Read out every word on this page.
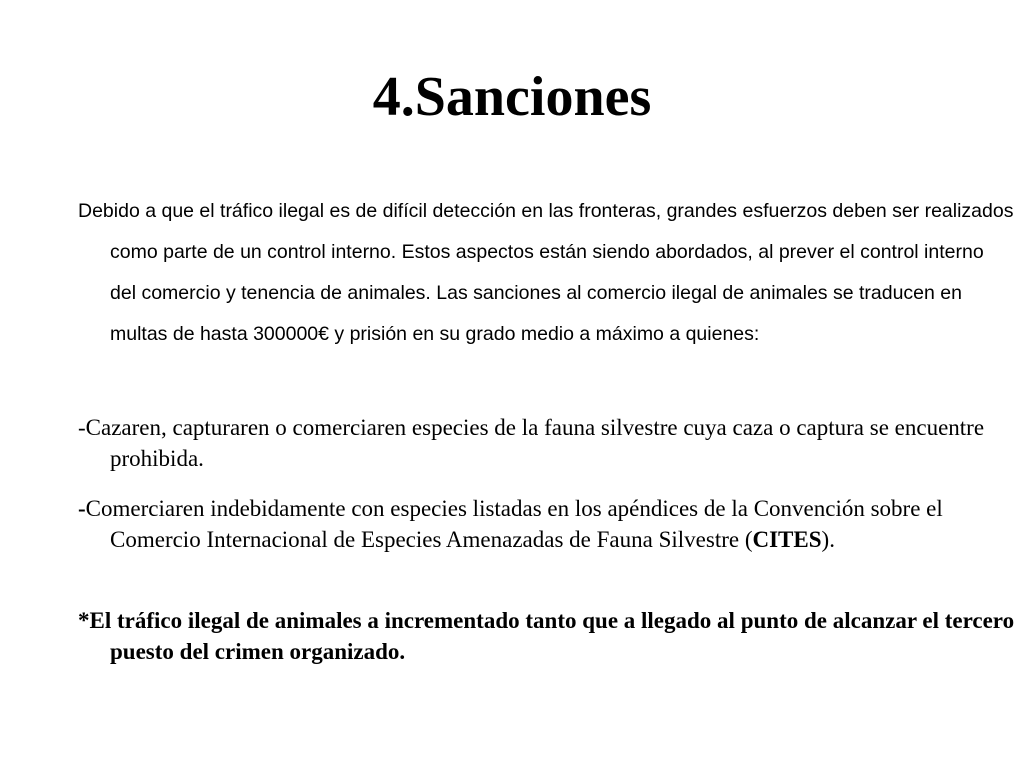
4.Sanciones

Debido a que el tráfico ilegal es de difícil detección en las fronteras, grandes esfuerzos deben ser realizados como parte de un control interno. Estos aspectos están siendo abordados, al prever el control interno del comercio y tenencia de animales. Las sanciones al comercio ilegal de animales se traducen en multas de hasta 300000€ y prisión en su grado medio a máximo a quienes:

-Cazaren, capturaren o comerciaren especies de la fauna silvestre cuya caza o captura se encuentre prohibida.

-Comerciaren indebidamente con especies listadas en los apéndices de la Convención sobre el Comercio Internacional de Especies Amenazadas de Fauna Silvestre (CITES).

*El tráfico ilegal de animales a incrementado tanto que a llegado al punto de alcanzar el tercero puesto del crimen organizado.
